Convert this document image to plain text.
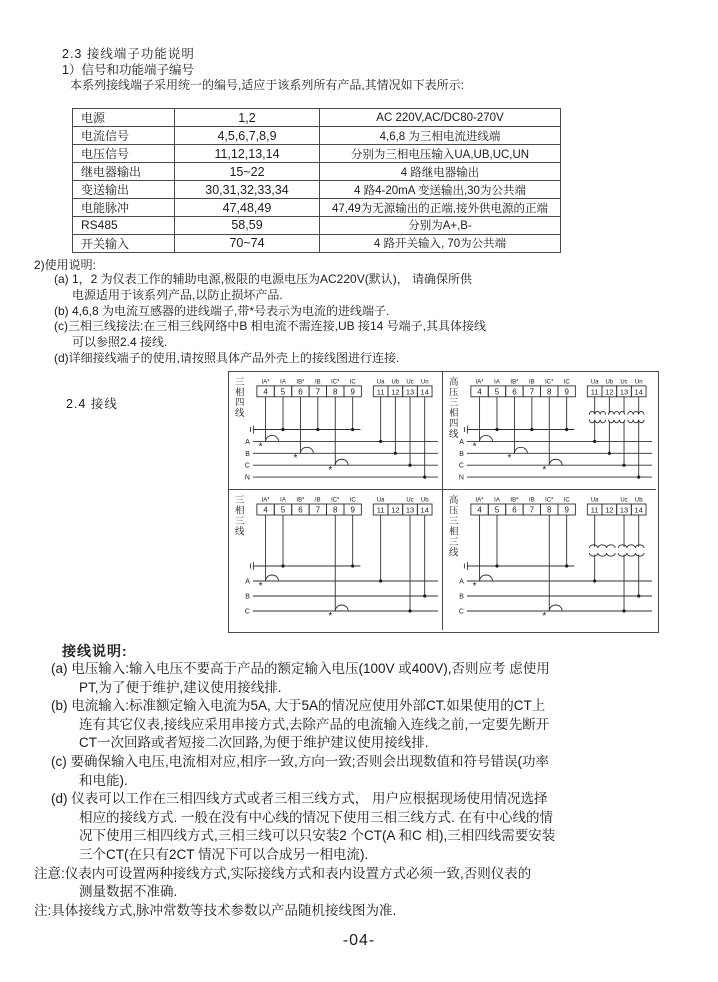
2.3 接线端子功能说明
1）信号和功能端子编号
本系列接线端子采用统一的编号,适应于该系列所有产品,其情况如下表所示:
电源	1,2	AC 220V,AC/DC80-270V
电流信号	4,5,6,7,8,9	4,6,8 为三相电流进线端
电压信号	11,12,13,14	分别为三相电压输入UA,UB,UC,UN
继电器输出	15~22	4 路继电器输出
变送输出	30,31,32,33,34	4 路4-20mA 变送输出,30为公共端
电能脉冲	47,48,49	47,49为无源输出的正端,接外供电源的正端
RS485	58,59	分别为A+,B-
开关输入	70~74	4 路开关输入, 70为公共端
2)使用说明:
(a) 1，2 为仪表工作的辅助电源,极限的电源电压为AC220V(默认)， 请确保所供
电源适用于该系列产品,以防止损坏产品.
(b) 4,6,8 为电流互感器的进线端子,带*号表示为电流的进线端子.
(c)三相三线接法:在三相三线网络中B 相电流不需连接,UB 接14 号端子,其具体接线
可以参照2.4 接线.
(d)详细接线端子的使用,请按照具体产品外壳上的接线图进行连接.
2.4 接线
三
相
四
线
4
IA*
5
IA
6
IB*
7
IB
8
IC*
9
IC
11
Ua
12
Ub
13
Uc
14
Un
A
B
C
N
*
*
*
高
压
三
相
四
线
4
IA*
5
IA
6
IB*
7
IB
8
IC*
9
IC
11
Ua
12
Ub
13
Uc
14
Un
A
B
C
N
*
*
*
三
相
三
线
4
IA*
5
IA
6
IB*
7
IB
8
IC*
9
IC
11
Ua
12 13
Uc
14
Ub
A
B
C
*
*
高
压
三
相
三
线
4
IA*
5
IA
6
IB*
7
IB
8
IC*
9
IC
11
Ua
12 13
Uc
14
Ub
A
B
C
*
*
接线说明:
(a) 电压输入:输入电压不要高于产品的额定输入电压(100V 或400V),否则应考 虑使用
PT,为了便于维护,建议使用接线排.
(b) 电流输入:标准额定输入电流为5A, 大于5A的情况应使用外部CT.如果使用的CT上
连有其它仪表,接线应采用串接方式,去除产品的电流输入连线之前,一定要先断开
CT一次回路或者短接二次回路,为便于维护建议使用接线排.
(c) 要确保输入电压,电流相对应,相序一致,方向一致;否则会出现数值和符号错误(功率
和电能).
(d) 仪表可以工作在三相四线方式或者三相三线方式， 用户应根据现场使用情况选择
相应的接线方式. 一般在没有中心线的情况下使用三相三线方式. 在有中心线的情
况下使用三相四线方式,三相三线可以只安装2 个CT(A 和C 相),三相四线需要安装
三个CT(在只有2CT 情况下可以合成另一相电流).
注意:仪表内可设置两种接线方式,实际接线方式和表内设置方式必须一致,否则仪表的
测量数据不准确.
注:具体接线方式,脉冲常数等技术参数以产品随机接线图为准.
-04-
